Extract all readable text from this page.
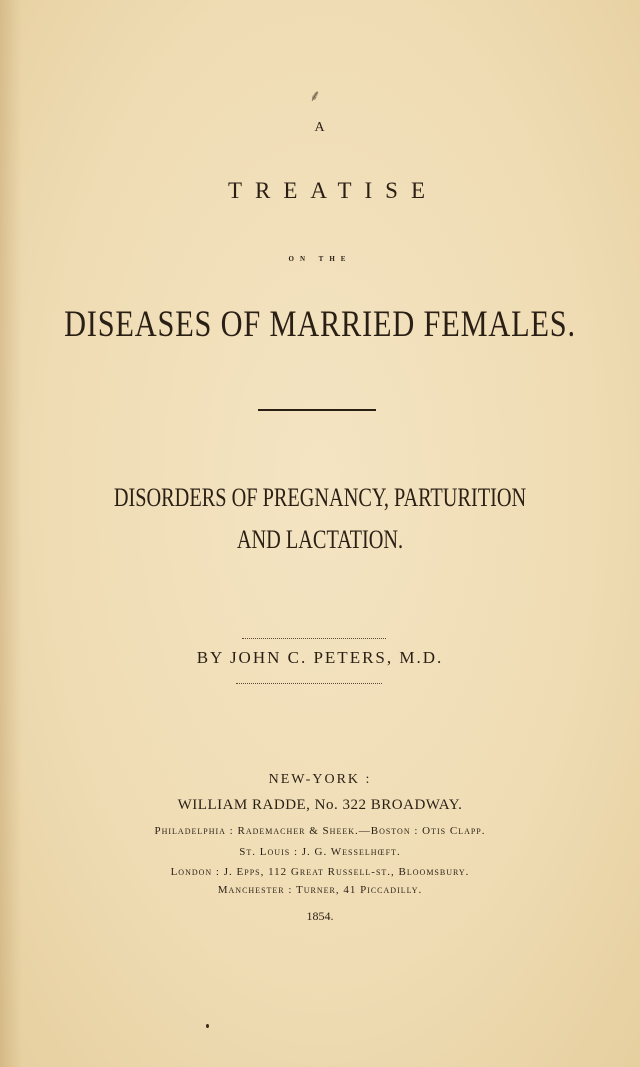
⸙
A
TREATISE
ON THE
DISEASES OF MARRIED FEMALES.
DISORDERS OF PREGNANCY, PARTURITION
AND LACTATION.
BY JOHN C. PETERS, M.D.
NEW-YORK :
WILLIAM RADDE, No. 322 BROADWAY.
Philadelphia : Rademacher & Sheek.—Boston : Otis Clapp.
St. Louis : J. G. Wesselhœft.
London : J. Epps, 112 Great Russell-st., Bloomsbury.
Manchester : Turner, 41 Piccadilly.
1854.
